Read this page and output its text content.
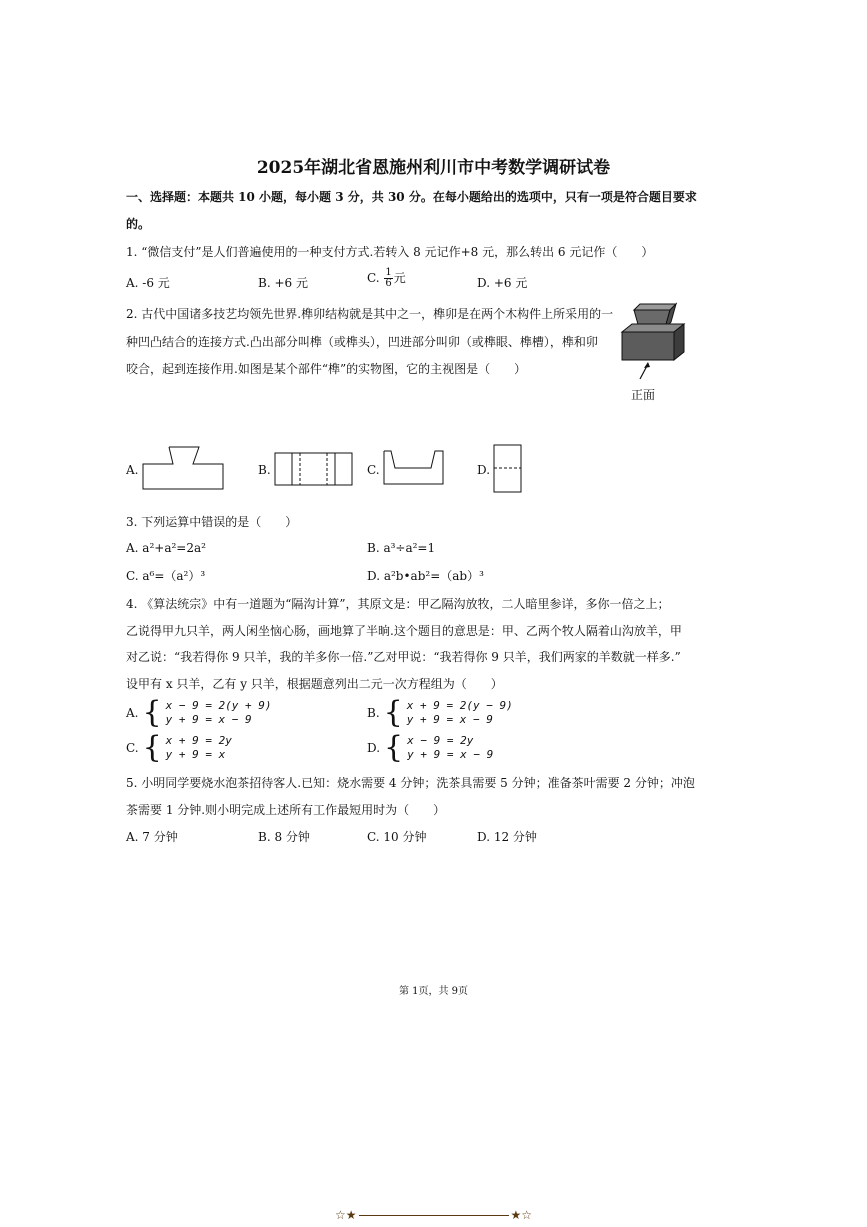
2025年湖北省恩施州利川市中考数学调研试卷
一、选择题：本题共 10 小题，每小题 3 分，共 30 分。在每小题给出的选项中，只有一项是符合题目要求
的。
1. “微信支付”是人们普遍使用的一种支付方式.若转入 8 元记作+8 元，那么转出 6 元记作（　　）
A. -6 元	B. +6 元	C. $\frac{1}{6}$ 元	D. +6 元
2. 古代中国诸多技艺均领先世界.榫卯结构就是其中之一，榫卯是在两个木构件上所采用的一
种凹凸结合的连接方式.凸出部分叫榫（或榫头），凹进部分叫卯（或榫眼、榫槽），榫和卯
咬合，起到连接作用.如图是某个部件“榫”的实物图，它的主视图是（　　）
正面
A.	B.	C.	D.
3. 下列运算中错误的是（　　）
A. a²+a²=2a²	B. a³÷a²=1
C. a⁶=（a²）³	D. a²b•ab²=（ab）³
4. 《算法统宗》中有一道题为“隔沟计算”，其原文是：甲乙隔沟放牧，二人暗里参详，多你一倍之上；
乙说得甲九只羊，两人闲坐恼心肠，画地算了半晌.这个题目的意思是：甲、乙两个牧人隔着山沟放羊，甲
对乙说：“我若得你 9 只羊，我的羊多你一倍.”乙对甲说：“我若得你 9 只羊，我们两家的羊数就一样多.”
设甲有 x 只羊，乙有 y 只羊，根据题意列出二元一次方程组为（　　）
A. { x − 9 = 2(y + 9)
y + 9 = x − 9	B. { x + 9 = 2(y − 9)
y + 9 = x − 9
C. { x + 9 = 2y
y + 9 = x	D. { x − 9 = 2y
y + 9 = x − 9
5. 小明同学要烧水泡茶招待客人.已知：烧水需要 4 分钟；洗茶具需要 5 分钟；准备茶叶需要 2 分钟；冲泡
茶需要 1 分钟.则小明完成上述所有工作最短用时为（　　）
A. 7 分钟	B. 8 分钟	C. 10 分钟	D. 12 分钟
第 1页，共 9页
☆★	★☆
